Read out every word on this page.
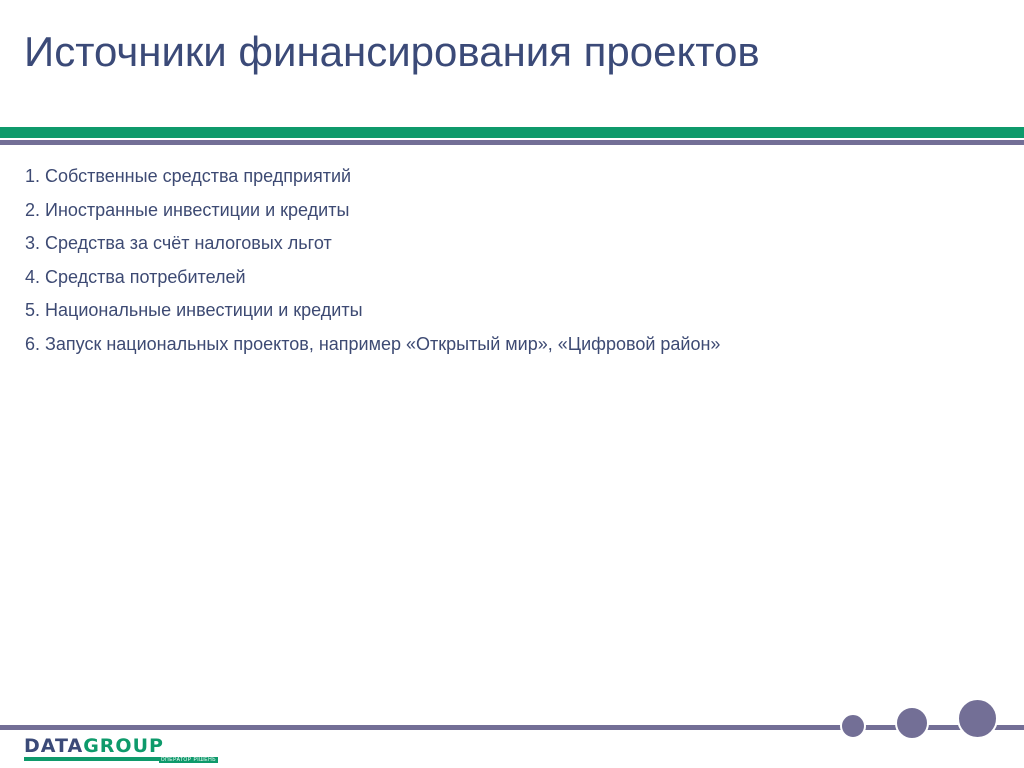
Источники финансирования проектов
1. Собственные средства предприятий
2. Иностранные инвестиции и кредиты
3. Средства за счёт налоговых льгот
4. Средства потребителей
5. Национальные инвестиции и кредиты
6. Запуск национальных проектов, например «Открытый мир», «Цифровой район»
DATAGROUP
ОПЕРАТОР РІШЕНЬ
